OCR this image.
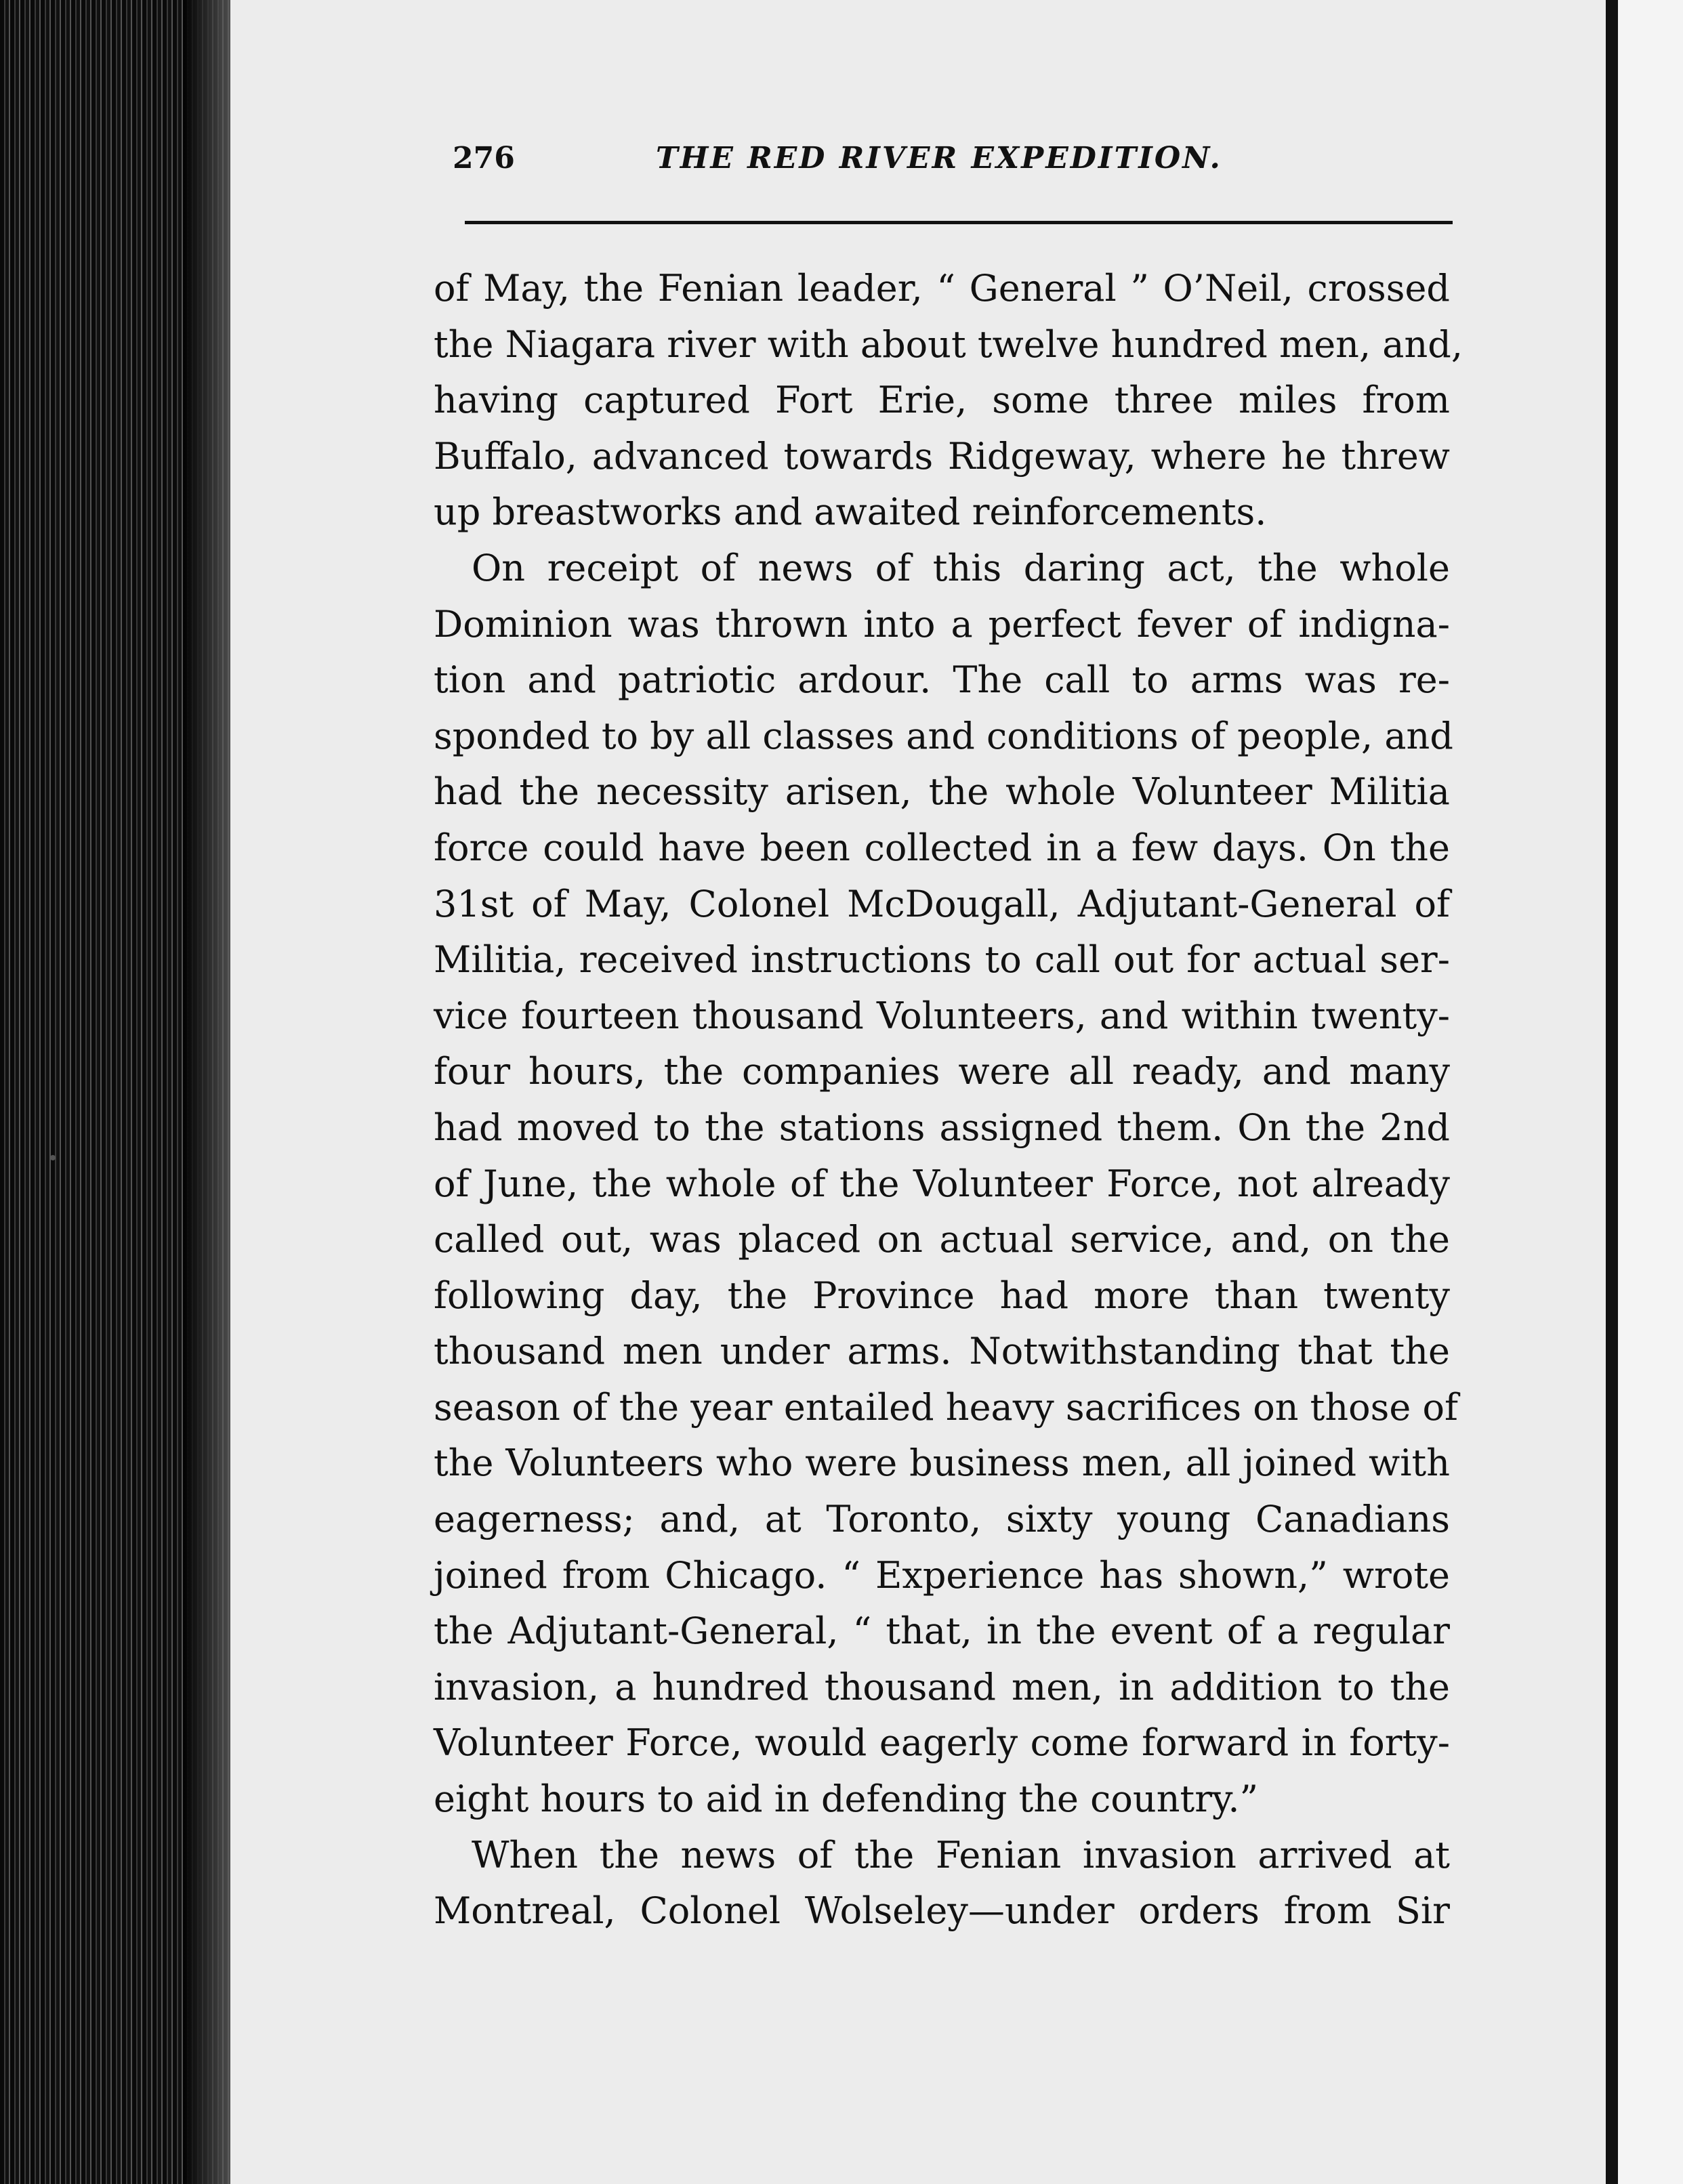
276	THE RED RIVER EXPEDITION.
of May, the Fenian leader, “ General ” O’Neil, crossed
the Niagara river with about twelve hundred men, and,
having captured Fort Erie, some three miles from
Buffalo, advanced towards Ridgeway, where he threw
up breastworks and awaited reinforcements.
On receipt of news of this daring act, the whole
Dominion was thrown into a perfect fever of indigna-
tion and patriotic ardour. The call to arms was re-
sponded to by all classes and conditions of people, and
had the necessity arisen, the whole Volunteer Militia
force could have been collected in a few days. On the
31st of May, Colonel McDougall, Adjutant-General of
Militia, received instructions to call out for actual ser-
vice fourteen thousand Volunteers, and within twenty-
four hours, the companies were all ready, and many
had moved to the stations assigned them. On the 2nd
of June, the whole of the Volunteer Force, not already
called out, was placed on actual service, and, on the
following day, the Province had more than twenty
thousand men under arms. Notwithstanding that the
season of the year entailed heavy sacrifices on those of
the Volunteers who were business men, all joined with
eagerness; and, at Toronto, sixty young Canadians
joined from Chicago. “ Experience has shown,” wrote
the Adjutant-General, “ that, in the event of a regular
invasion, a hundred thousand men, in addition to the
Volunteer Force, would eagerly come forward in forty-
eight hours to aid in defending the country.”
When the news of the Fenian invasion arrived at
Montreal, Colonel Wolseley—under orders from Sir
